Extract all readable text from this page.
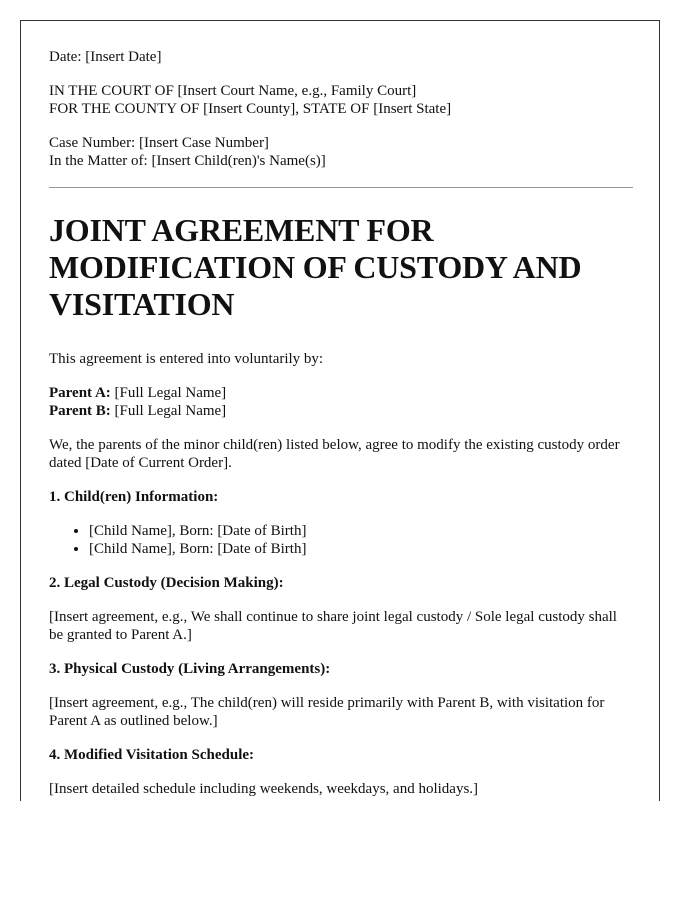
Date: [Insert Date]

IN THE COURT OF [Insert Court Name, e.g., Family Court]

FOR THE COUNTY OF [Insert County], STATE OF [Insert State]

Case Number: [Insert Case Number]

In the Matter of: [Insert Child(ren)'s Name(s)]

JOINT AGREEMENT FOR MODIFICATION OF CUSTODY AND VISITATION

This agreement is entered into voluntarily by:

Parent A: [Full Legal Name]

Parent B: [Full Legal Name]

We, the parents of the minor child(ren) listed below, agree to modify the existing custody order dated [Date of Current Order].

1. Child(ren) Information:

• [Child Name], Born: [Date of Birth]
• [Child Name], Born: [Date of Birth]

2. Legal Custody (Decision Making):

[Insert agreement, e.g., We shall continue to share joint legal custody / Sole legal custody shall be granted to Parent A.]

3. Physical Custody (Living Arrangements):

[Insert agreement, e.g., The child(ren) will reside primarily with Parent B, with visitation for Parent A as outlined below.]

4. Modified Visitation Schedule:

[Insert detailed schedule including weekends, weekdays, and holidays.]
